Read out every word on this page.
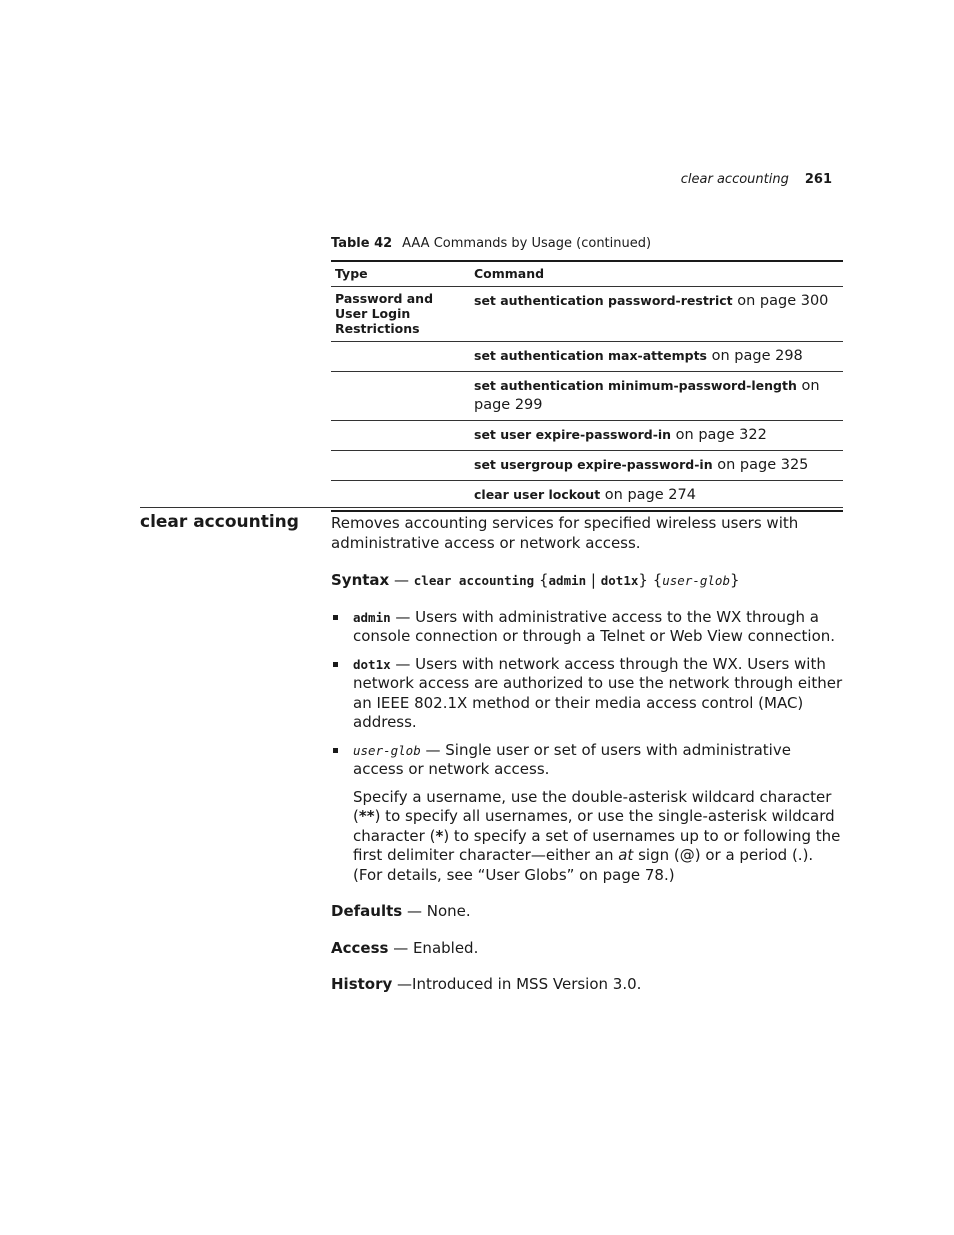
clear accounting 261
Table 42 AAA Commands by Usage (continued)
Type	Command
Password and User Login Restrictions	set authentication password-restrict on page 300
	set authentication max-attempts on page 298
	set authentication minimum-password-length on page 299
	set user expire-password-in on page 322
	set usergroup expire-password-in on page 325
	clear user lockout on page 274
clear accounting Removes accounting services for specified wireless users with administrative access or network access.

Syntax — clear accounting {admin | dot1x} {user-glob}

admin — Users with administrative access to the WX through a console connection or through a Telnet or Web View connection.
dot1x — Users with network access through the WX. Users with network access are authorized to use the network through either an IEEE 802.1X method or their media access control (MAC) address.
user-glob — Single user or set of users with administrative access or network access.

Specify a username, use the double-asterisk wildcard character (**) to specify all usernames, or use the single-asterisk wildcard character (*) to specify a set of usernames up to or following the first delimiter character—either an at sign (@) or a period (.). (For details, see “User Globs” on page 78.)

Defaults — None.

Access — Enabled.

History —Introduced in MSS Version 3.0.
